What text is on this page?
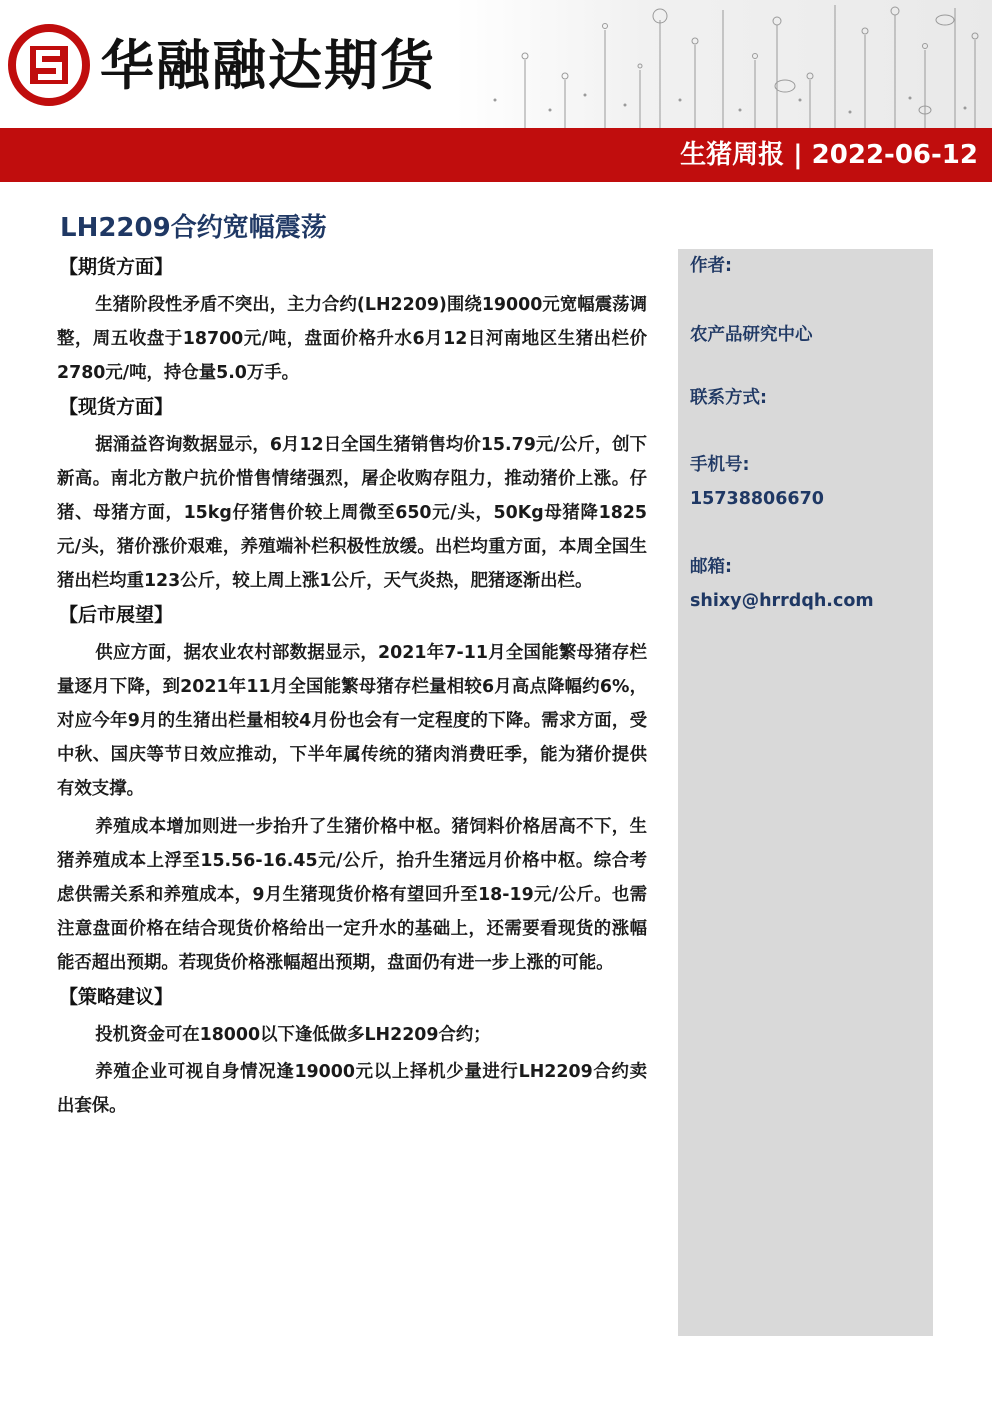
华融融达期货
生猪周报 | 2022-06-12
LH2209合约宽幅震荡
【期货方面】

生猪阶段性矛盾不突出，主力合约(LH2209)围绕19000元宽幅震荡调整，周五收盘于18700元/吨，盘面价格升水6月12日河南地区生猪出栏价2780元/吨，持仓量5.0万手。

【现货方面】

据涌益咨询数据显示，6月12日全国生猪销售均价15.79元/公斤，创下新高。南北方散户抗价惜售情绪强烈，屠企收购存阻力，推动猪价上涨。仔猪、母猪方面，15kg仔猪售价较上周微至650元/头，50Kg母猪降1825元/头，猪价涨价艰难，养殖端补栏积极性放缓。出栏均重方面，本周全国生猪出栏均重123公斤，较上周上涨1公斤，天气炎热，肥猪逐渐出栏。

【后市展望】

供应方面，据农业农村部数据显示，2021年7-11月全国能繁母猪存栏量逐月下降，到2021年11月全国能繁母猪存栏量相较6月高点降幅约6%，对应今年9月的生猪出栏量相较4月份也会有一定程度的下降。需求方面，受中秋、国庆等节日效应推动，下半年属传统的猪肉消费旺季，能为猪价提供有效支撑。

养殖成本增加则进一步抬升了生猪价格中枢。猪饲料价格居高不下，生猪养殖成本上浮至15.56-16.45元/公斤，抬升生猪远月价格中枢。综合考虑供需关系和养殖成本，9月生猪现货价格有望回升至18-19元/公斤。也需注意盘面价格在结合现货价格给出一定升水的基础上，还需要看现货的涨幅能否超出预期。若现货价格涨幅超出预期，盘面仍有进一步上涨的可能。

【策略建议】

投机资金可在18000以下逢低做多LH2209合约；

养殖企业可视自身情况逢19000元以上择机少量进行LH2209合约卖出套保。

作者:
农产品研究中心
联系方式:
手机号:
15738806670
邮箱:
shixy@hrrdqh.com
